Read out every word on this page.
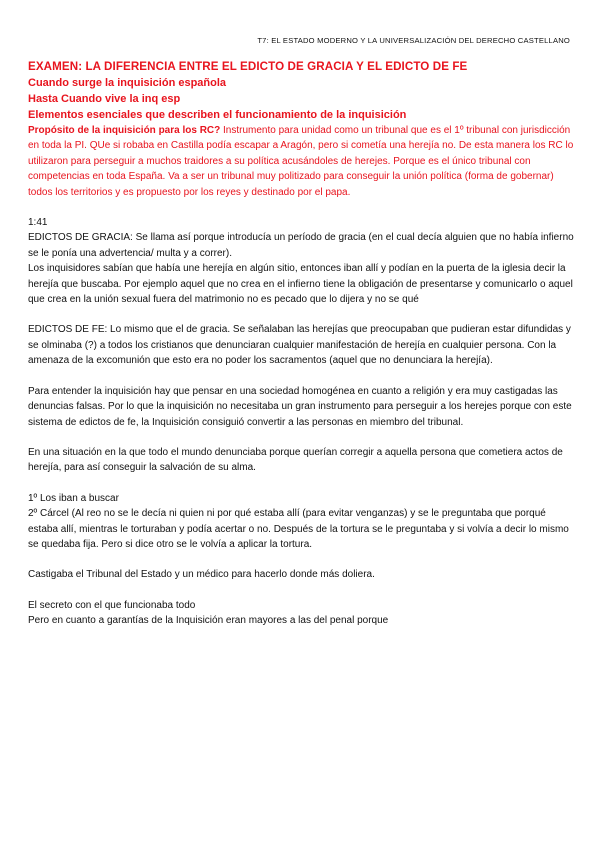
T7: EL ESTADO MODERNO Y LA UNIVERSALIZACIÓN DEL DERECHO CASTELLANO
EXAMEN: LA DIFERENCIA ENTRE EL EDICTO DE GRACIA Y EL EDICTO DE FE
Cuando surge la inquisición española
Hasta Cuando vive la inq esp
Elementos esenciales que describen el funcionamiento de la inquisición

Propósito de la inquisición para los RC? Instrumento para unidad como un tribunal que es el 1º tribunal con jurisdicción en toda la PI. QUe si robaba en Castilla podía escapar a Aragón, pero si cometía una herejía no. De esta manera los RC lo utilizaron para perseguir a muchos traidores a su política acusándoles de herejes. Porque es el único tribunal con competencias en toda España. Va a ser un tribunal muy politizado para conseguir la unión política (forma de gobernar) todos los territorios y es propuesto por los reyes y destinado por el papa.

1:41

EDICTOS DE GRACIA: Se llama así porque introducía un período de gracia (en el cual decía alguien que no había infierno se le ponía una advertencia/ multa y a correr).

Los inquisidores sabían que había une herejía en algún sitio, entonces iban allí y podían en la puerta de la iglesia decir la herejía que buscaba. Por ejemplo aquel que no crea en el infierno tiene la obligación de presentarse y comunicarlo o aquel que crea en la unión sexual fuera del matrimonio no es pecado que lo dijera y no se qué

EDICTOS DE FE: Lo mismo que el de gracia. Se señalaban las herejías que preocupaban que pudieran estar difundidas y se olminaba (?) a todos los cristianos que denunciaran cualquier manifestación de herejía en cualquier persona. Con la amenaza de la excomunión que esto era no poder los sacramentos (aquel que no denunciara la herejía).

Para entender la inquisición hay que pensar en una sociedad homogénea en cuanto a religión y era muy castigadas las denuncias falsas. Por lo que la inquisición no necesitaba un gran instrumento para perseguir a los herejes porque con este sistema de edictos de fe, la Inquisición consiguió convertir a las personas en miembro del tribunal.

En una situación en la que todo el mundo denunciaba porque querían corregir a aquella persona que cometiera actos de herejía, para así conseguir la salvación de su alma.

1º Los iban a buscar

2º Cárcel (Al reo no se le decía ni quien ni por qué estaba allí (para evitar venganzas) y se le preguntaba que porqué estaba allí, mientras le torturaban y podía acertar o no. Después de la tortura se le preguntaba y si volvía a decir lo mismo se quedaba fija. Pero si dice otro se le volvía a aplicar la tortura.

Castigaba el Tribunal del Estado y un médico para hacerlo donde más doliera.

El secreto con el que funcionaba todo

Pero en cuanto a garantías de la Inquisición eran mayores a las del penal porque
